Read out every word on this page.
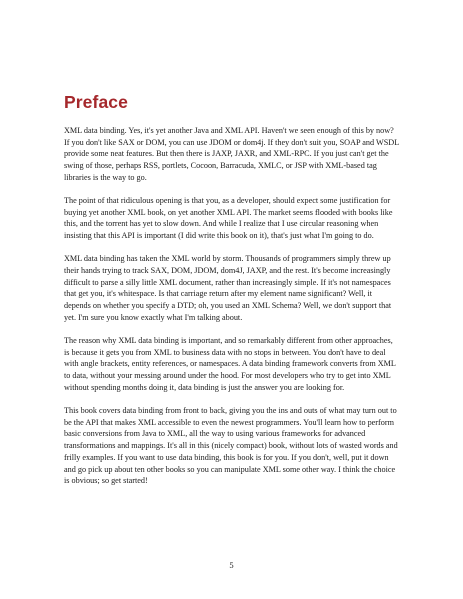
Preface

XML data binding. Yes, it's yet another Java and XML API. Haven't we seen enough of this by now? If you don't like SAX or DOM, you can use JDOM or dom4j. If they don't suit you, SOAP and WSDL provide some neat features. But then there is JAXP, JAXR, and XML-RPC. If you just can't get the swing of those, perhaps RSS, portlets, Cocoon, Barracuda, XMLC, or JSP with XML-based tag libraries is the way to go.

The point of that ridiculous opening is that you, as a developer, should expect some justification for buying yet another XML book, on yet another XML API. The market seems flooded with books like this, and the torrent has yet to slow down. And while I realize that I use circular reasoning when insisting that this API is important (I did write this book on it), that's just what I'm going to do.

XML data binding has taken the XML world by storm. Thousands of programmers simply threw up their hands trying to track SAX, DOM, JDOM, dom4J, JAXP, and the rest. It's become increasingly difficult to parse a silly little XML document, rather than increasingly simple. If it's not namespaces that get you, it's whitespace. Is that carriage return after my element name significant? Well, it depends on whether you specify a DTD; oh, you used an XML Schema? Well, we don't support that yet. I'm sure you know exactly what I'm talking about.

The reason why XML data binding is important, and so remarkably different from other approaches, is because it gets you from XML to business data with no stops in between. You don't have to deal with angle brackets, entity references, or namespaces. A data binding framework converts from XML to data, without your messing around under the hood. For most developers who try to get into XML without spending months doing it, data binding is just the answer you are looking for.

This book covers data binding from front to back, giving you the ins and outs of what may turn out to be the API that makes XML accessible to even the newest programmers. You'll learn how to perform basic conversions from Java to XML, all the way to using various frameworks for advanced transformations and mappings. It's all in this (nicely compact) book, without lots of wasted words and frilly examples. If you want to use data binding, this book is for you. If you don't, well, put it down and go pick up about ten other books so you can manipulate XML some other way. I think the choice is obvious; so get started!

5
